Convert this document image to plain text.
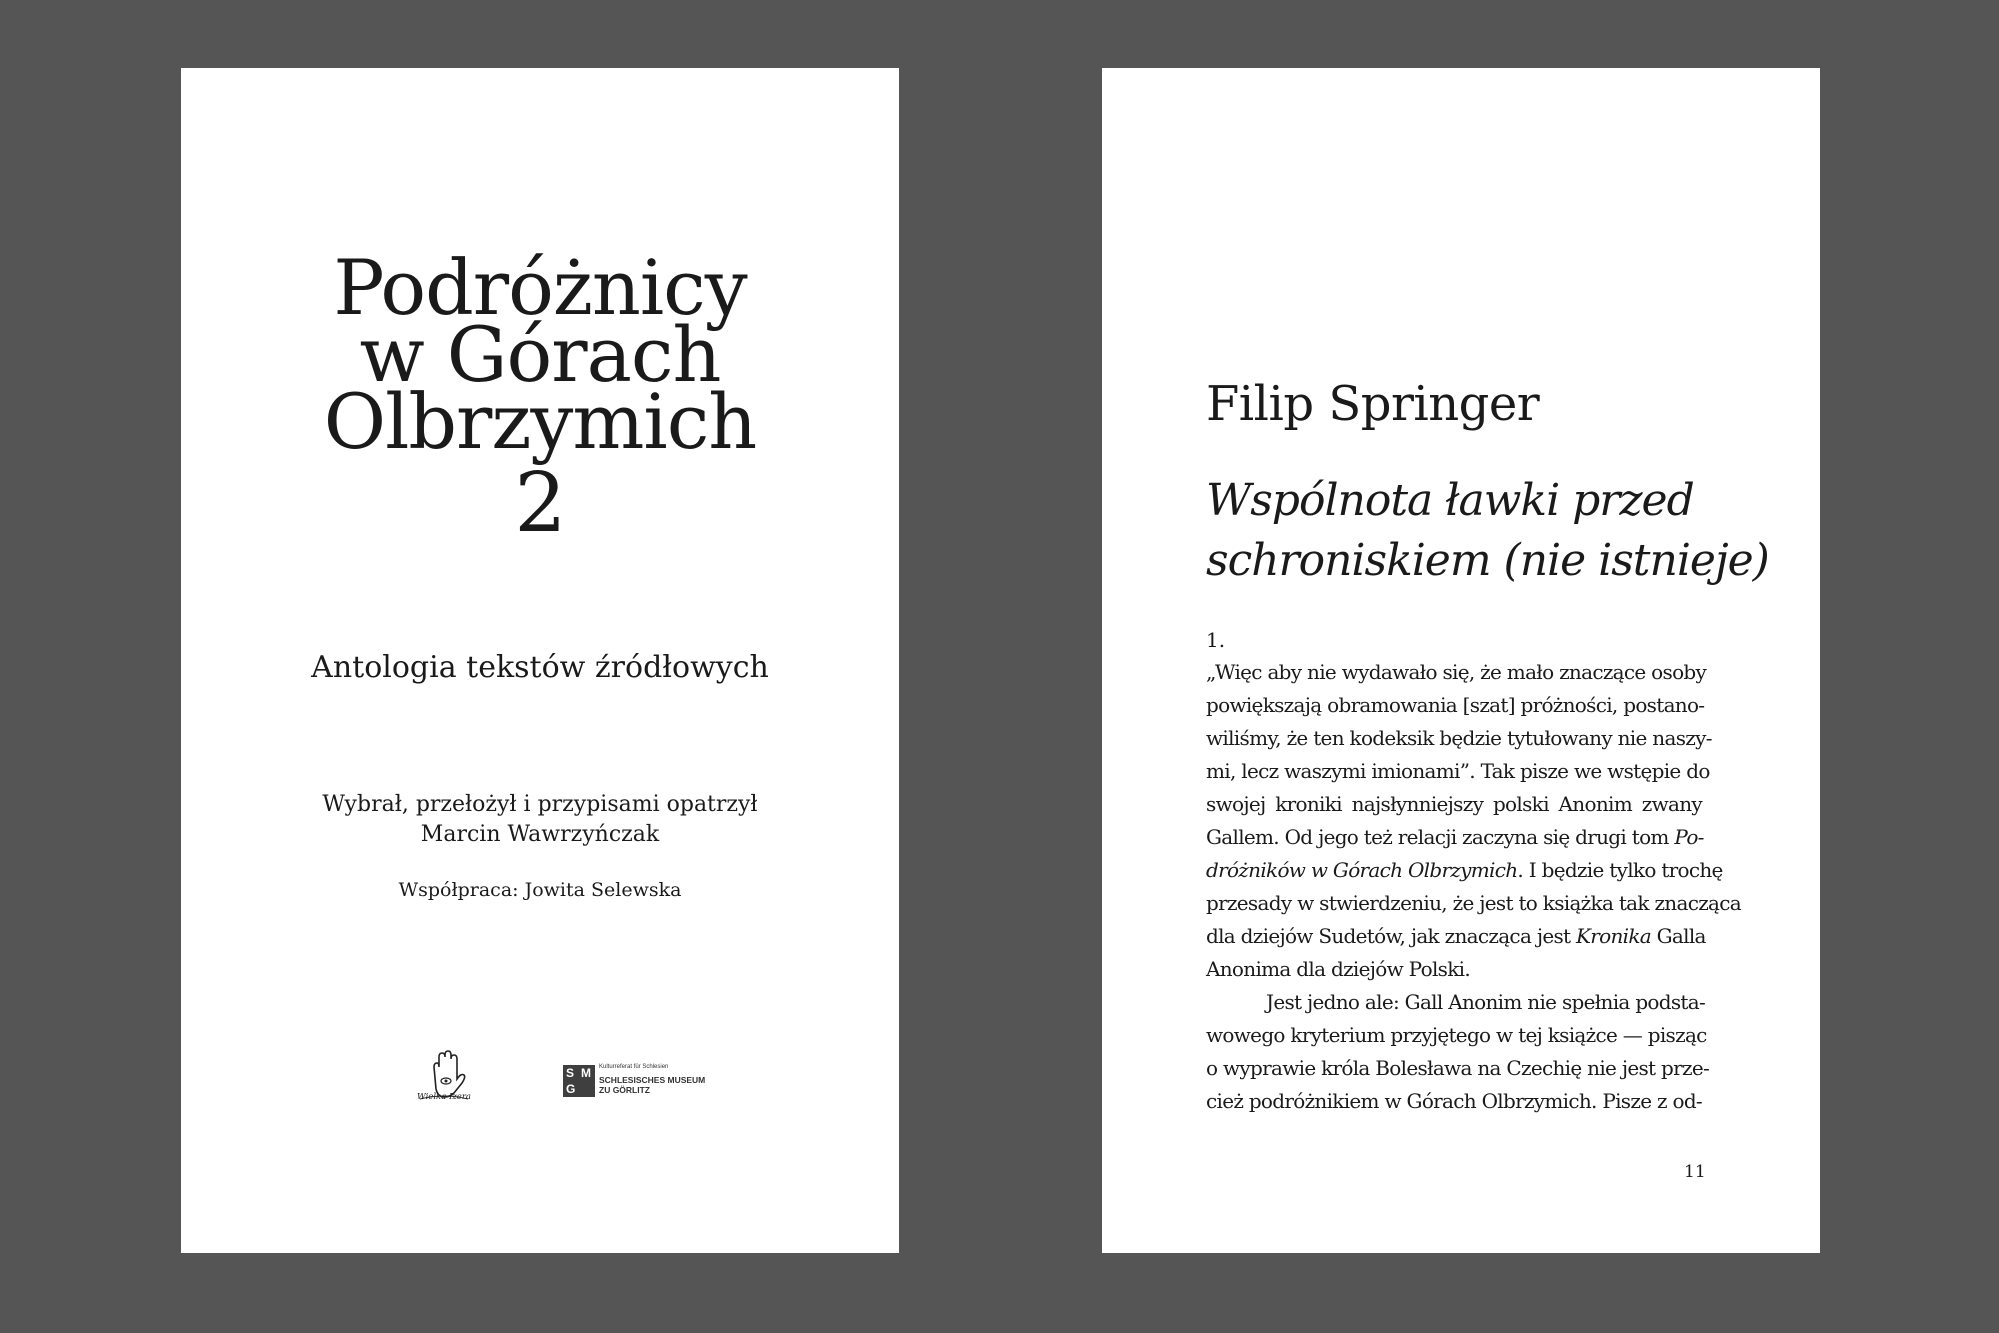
Podróżnicy
w Górach
Olbrzymich
2
Antologia tekstów źródłowych
Wybrał, przełożył i przypisami opatrzył
Marcin Wawrzyńczak
Współpraca: Jowita Selewska
Wielka Izera
S M
G
Kulturreferat für Schlesien
SCHLESISCHES MUSEUM
ZU GÖRLITZ
Filip Springer
Wspólnota ławki przed
schroniskiem (nie istnieje)
1.
„Więc aby nie wydawało się, że mało znaczące osoby
powiększają obramowania [szat] próżności, postano-
wiliśmy, że ten kodeksik będzie tytułowany nie naszy-
mi, lecz waszymi imionami”. Tak pisze we wstępie do
swojej kroniki najsłynniejszy polski Anonim zwany
Gallem. Od jego też relacji zaczyna się drugi tom Po-
dróżników w Górach Olbrzymich. I będzie tylko trochę
przesady w stwierdzeniu, że jest to książka tak znacząca
dla dziejów Sudetów, jak znacząca jest Kronika Galla
Anonima dla dziejów Polski.
Jest jedno ale: Gall Anonim nie spełnia podsta-
wowego kryterium przyjętego w tej książce — pisząc
o wyprawie króla Bolesława na Czechię nie jest prze-
cież podróżnikiem w Górach Olbrzymich. Pisze z od-
11
